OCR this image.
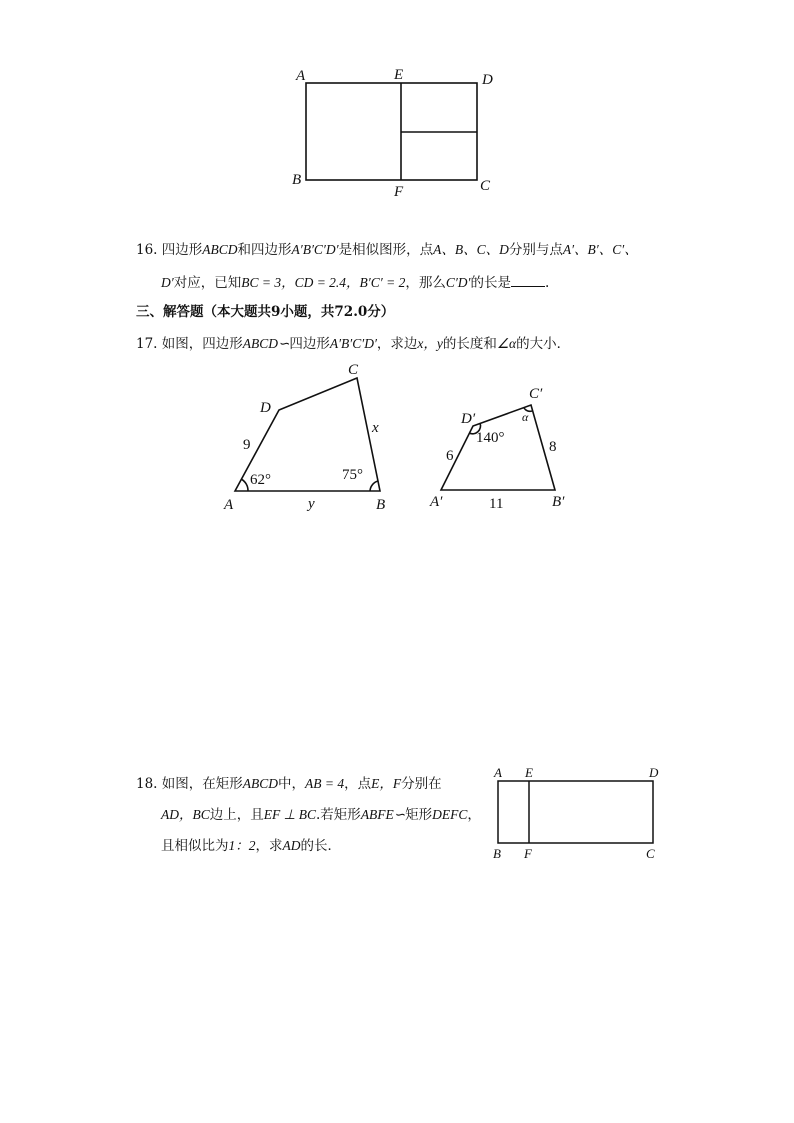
A	E	D
B
F	C
16. 四边形ABCD和四边形A′B′C′D′是相似图形，点A、B、C、D分别与点A′、B′、C′、
D′对应，已知BC = 3，CD = 2.4，B′C′ = 2，那么C′D′的长是	.
三、解答题（本大题共9小题，共72.0分）
17. 如图，四边形ABCD∽四边形A′B′C′D′，求边x，y的长度和∠α的大小．
A	B
C
D
9
x
y
62°	75°
A′	B′
C′
D′
6
8
11
140°
α
18. 如图，在矩形ABCD中，AB = 4，点E，F分别在
AD，BC边上，且EF ⊥ BC.若矩形ABFE∽矩形DEFC，
且相似比为1：2，求AD的长．
A E	D
B F	C
